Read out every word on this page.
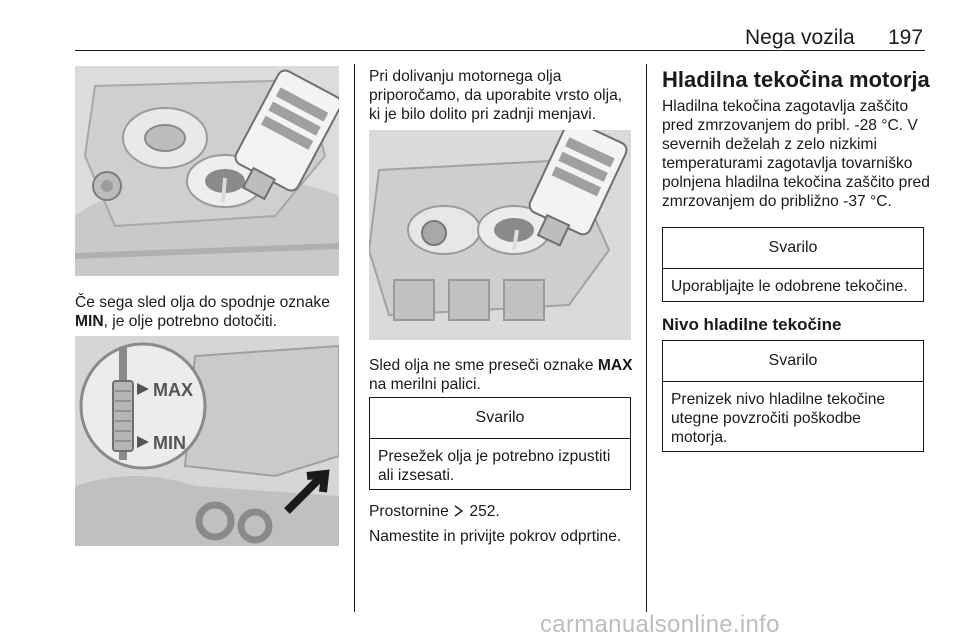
Nega vozila 197
Če sega sled olja do spodnje oznake MIN, je olje potrebno dotočiti.
MAX
MIN
Pri dolivanju motornega olja priporočamo, da uporabite vrsto olja, ki je bilo dolito pri zadnji menjavi.
Sled olja ne sme preseči oznake MAX na merilni palici.
Svarilo
Presežek olja je potrebno izpustiti ali izsesati.
Prostornine  252.
Namestite in privijte pokrov odprtine.
Hladilna tekočina motorja
Hladilna tekočina zagotavlja zaščito pred zmrzovanjem do pribl. -28 °C. V severnih deželah z zelo nizkimi temperaturami zagotavlja tovarniško polnjena hladilna tekočina zaščito pred zmrzovanjem do približno -37 °C.
Svarilo
Uporabljajte le odobrene tekočine.
Nivo hladilne tekočine
Svarilo
Prenizek nivo hladilne tekočine utegne povzročiti poškodbe motorja.
carmanualsonline.info
